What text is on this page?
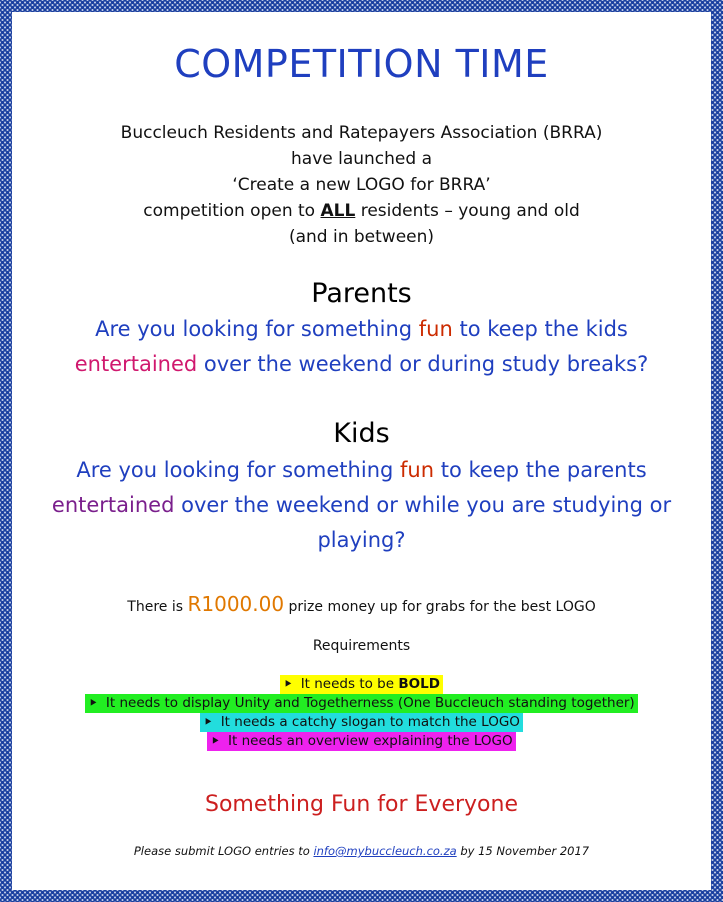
COMPETITION TIME
Buccleuch Residents and Ratepayers Association (BRRA)
have launched a
‘Create a new LOGO for BRRA’
competition open to ALL residents – young and old
(and in between)
Parents
Are you looking for something fun to keep the kids
entertained over the weekend or during study breaks?
Kids
Are you looking for something fun to keep the parents
entertained over the weekend or while you are studying or playing?
There is R1000.00 prize money up for grabs for the best LOGO
Requirements
⯈ It needs to be BOLD
⯈ It needs to display Unity and Togetherness (One Buccleuch standing together)
⯈ It needs a catchy slogan to match the LOGO
⯈ It needs an overview explaining the LOGO
Something Fun for Everyone
Please submit LOGO entries to info@mybuccleuch.co.za by 15 November 2017
